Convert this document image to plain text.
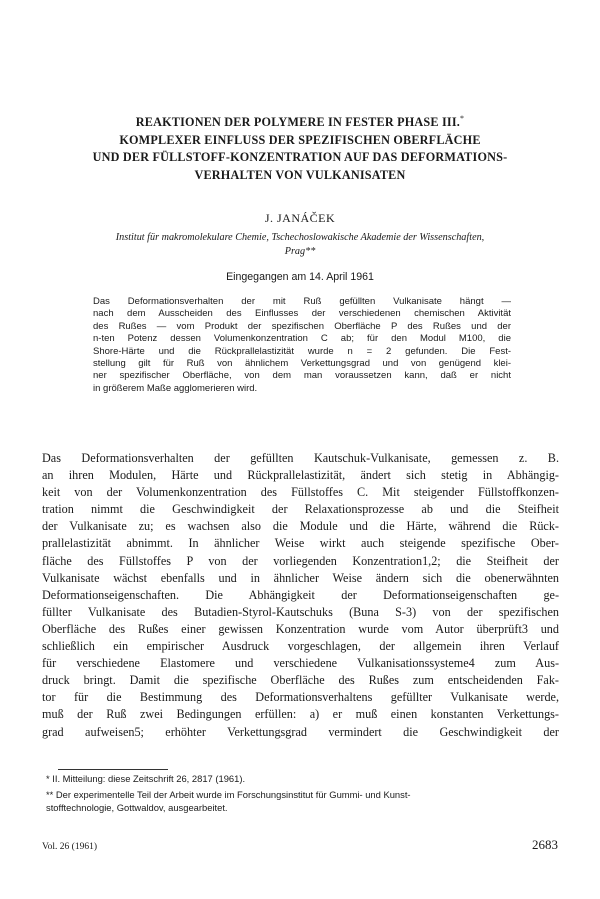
REAKTIONEN DER POLYMERE IN FESTER PHASE III.*
KOMPLEXER EINFLUSS DER SPEZIFISCHEN OBERFLÄCHE
UND DER FÜLLSTOFF-KONZENTRATION AUF DAS DEFORMATIONS-
VERHALTEN VON VULKANISATEN
J. JANÁČEK
Institut für makromolekulare Chemie, Tschechoslowakische Akademie der Wissenschaften,
Prag**
Eingegangen am 14. April 1961
Das Deformationsverhalten der mit Ruß gefüllten Vulkanisate hängt —
nach dem Ausscheiden des Einflusses der verschiedenen chemischen Aktivität
des Rußes — vom Produkt der spezifischen Oberfläche P des Rußes und der
n-ten Potenz dessen Volumenkonzentration C ab; für den Modul M100, die
Shore-Härte und die Rückprallelastizität wurde n = 2 gefunden. Die Fest-
stellung gilt für Ruß von ähnlichem Verkettungsgrad und von genügend klei-
ner spezifischer Oberfläche, von dem man voraussetzen kann, daß er nicht
in größerem Maße agglomerieren wird.
Das Deformationsverhalten der gefüllten Kautschuk-Vulkanisate, gemessen z. B.
an ihren Modulen, Härte und Rückprallelastizität, ändert sich stetig in Abhängig-
keit von der Volumenkonzentration des Füllstoffes C. Mit steigender Füllstoffkonzen-
tration nimmt die Geschwindigkeit der Relaxationsprozesse ab und die Steifheit
der Vulkanisate zu; es wachsen also die Module und die Härte, während die Rück-
prallelastizität abnimmt. In ähnlicher Weise wirkt auch steigende spezifische Ober-
fläche des Füllstoffes P von der vorliegenden Konzentration1,2; die Steifheit der
Vulkanisate wächst ebenfalls und in ähnlicher Weise ändern sich die obenerwähnten
Deformationseigenschaften. Die Abhängigkeit der Deformationseigenschaften ge-
füllter Vulkanisate des Butadien-Styrol-Kautschuks (Buna S-3) von der spezifischen
Oberfläche des Rußes einer gewissen Konzentration wurde vom Autor überprüft3 und
schließlich ein empirischer Ausdruck vorgeschlagen, der allgemein ihren Verlauf
für verschiedene Elastomere und verschiedene Vulkanisationssysteme4 zum Aus-
druck bringt. Damit die spezifische Oberfläche des Rußes zum entscheidenden Fak-
tor für die Bestimmung des Deformationsverhaltens gefüllter Vulkanisate werde,
muß der Ruß zwei Bedingungen erfüllen: a) er muß einen konstanten Verkettungs-
grad aufweisen5; erhöhter Verkettungsgrad vermindert die Geschwindigkeit der
* II. Mitteilung: diese Zeitschrift 26, 2817 (1961).
** Der experimentelle Teil der Arbeit wurde im Forschungsinstitut für Gummi- und Kunst-
stofftechnologie, Gottwaldov, ausgearbeitet.
Vol. 26 (1961)	2683
